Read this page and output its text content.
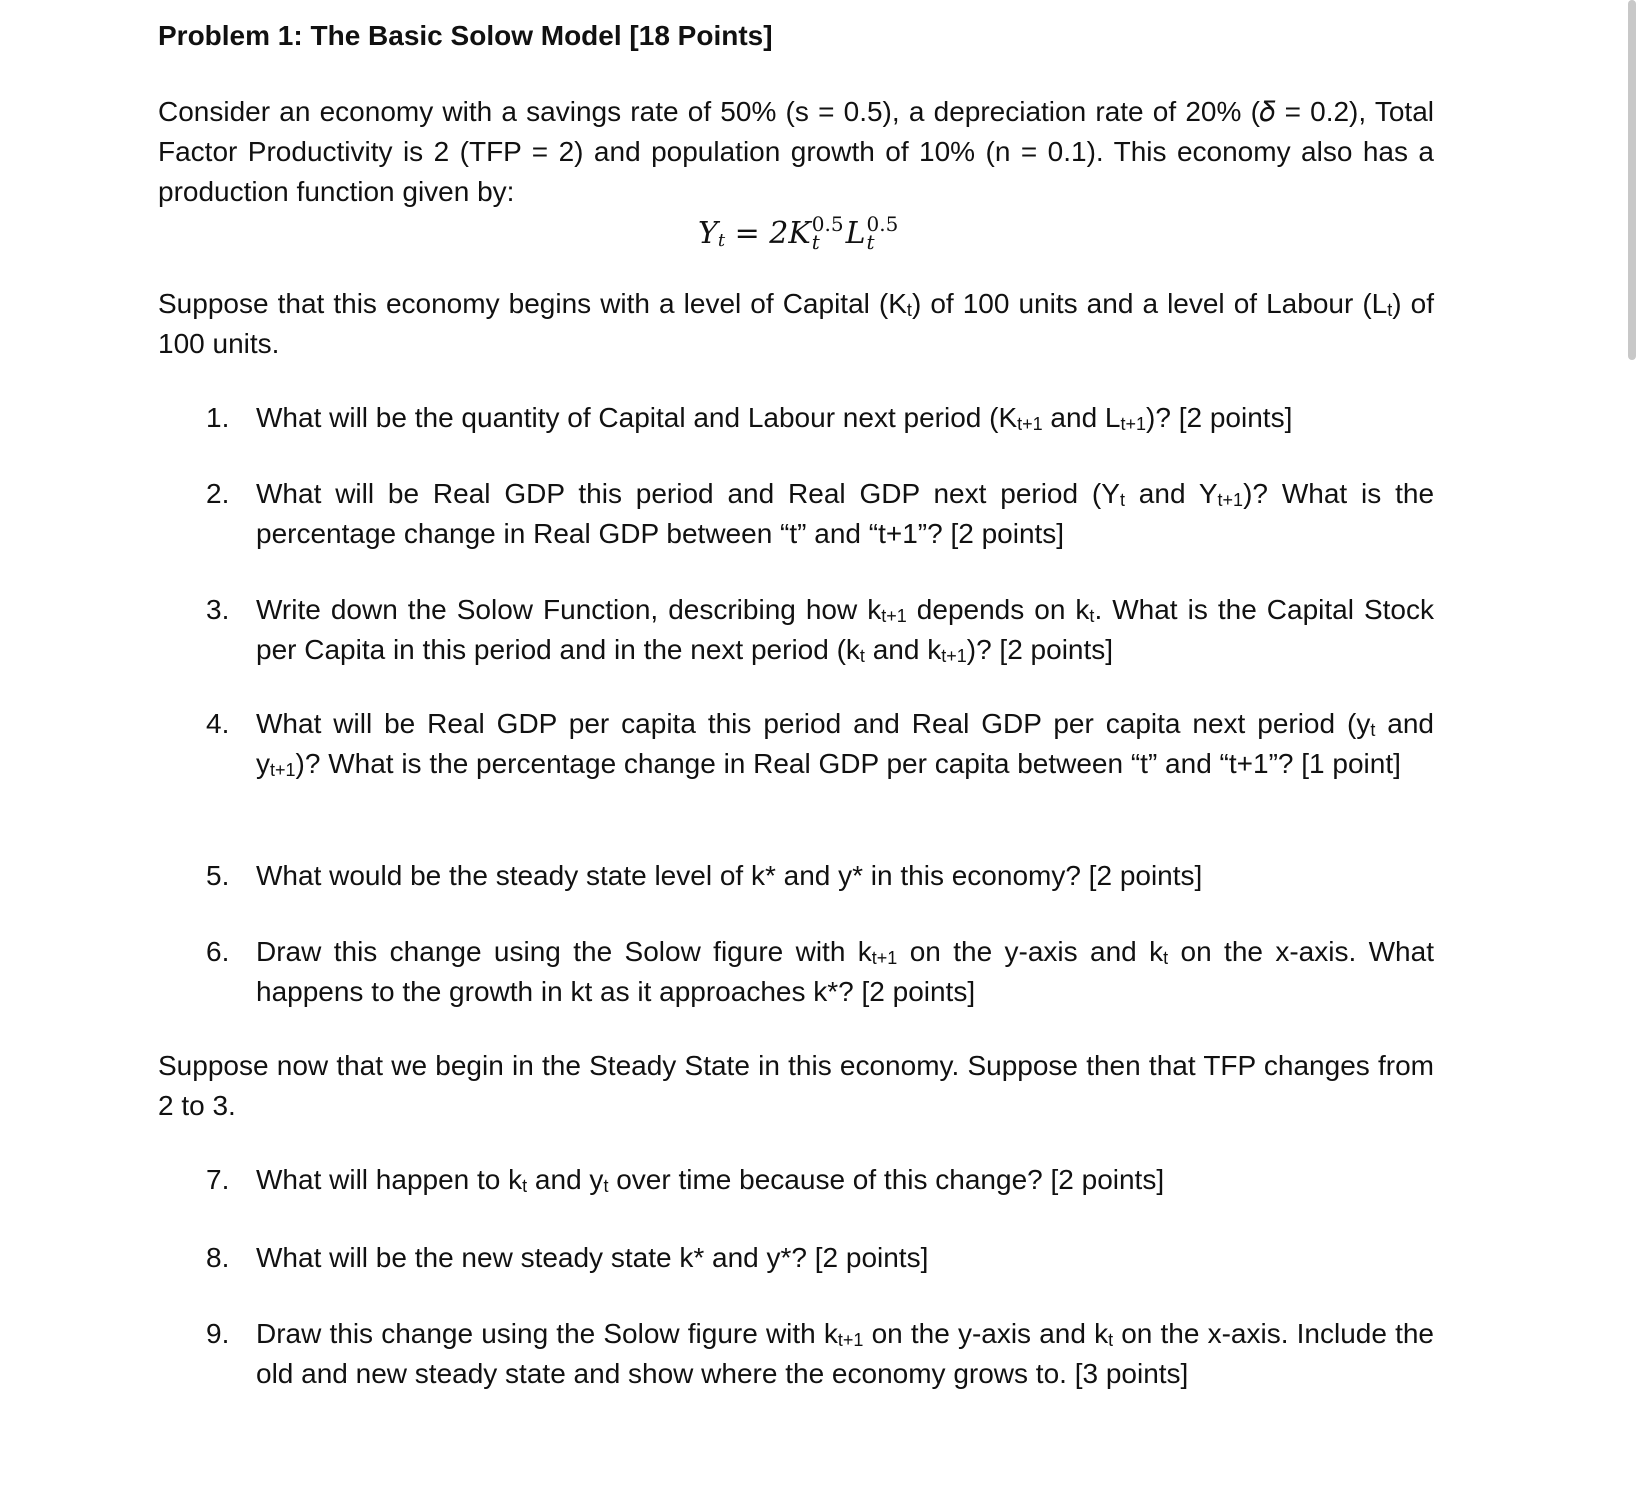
Problem 1: The Basic Solow Model [18 Points]

Consider an economy with a savings rate of 50% (s = 0.5), a depreciation rate of 20% (𝛿 = 0.2), Total Factor Productivity is 2 (TFP = 2) and population growth of 10% (n = 0.1). This economy also has a production function given by:

$Y_t = 2K$ 0.5
t L 0.5
t

Suppose that this economy begins with a level of Capital $(K_t)$ of 100 units and a level of Labour $(L_t)$ of 100 units.

1. What will be the quantity of Capital and Labour next period ($K_{t+1}$ and $L_{t+1}$)? [2 points]
2. What will be Real GDP this period and Real GDP next period ($Y_t$ and $Y_{t+1}$)? What is the percentage change in Real GDP between “t” and “t+1”? [2 points]
3. Write down the Solow Function, describing how $k_{t+1}$ depends on $k_t$. What is the Capital Stock per Capita in this period and in the next period ($k_t$ and $k_{t+1}$)? [2 points]
4. What will be Real GDP per capita this period and Real GDP per capita next period ($y_t$ and $y_{t+1}$)? What is the percentage change in Real GDP per capita between “t” and “t+1”? [1 point]
5. What would be the steady state level of k* and y* in this economy? [2 points]
6. Draw this change using the Solow figure with $k_{t+1}$ on the y-axis and $k_t$ on the x-axis. What happens to the growth in kt as it approaches k*? [2 points]

Suppose now that we begin in the Steady State in this economy. Suppose then that TFP changes from 2 to 3.

7. What will happen to $k_t$ and $y_t$ over time because of this change? [2 points]
8. What will be the new steady state k* and y*? [2 points]
9. Draw this change using the Solow figure with $k_{t+1}$ on the y-axis and $k_t$ on the x-axis. Include the old and new steady state and show where the economy grows to. [3 points]
